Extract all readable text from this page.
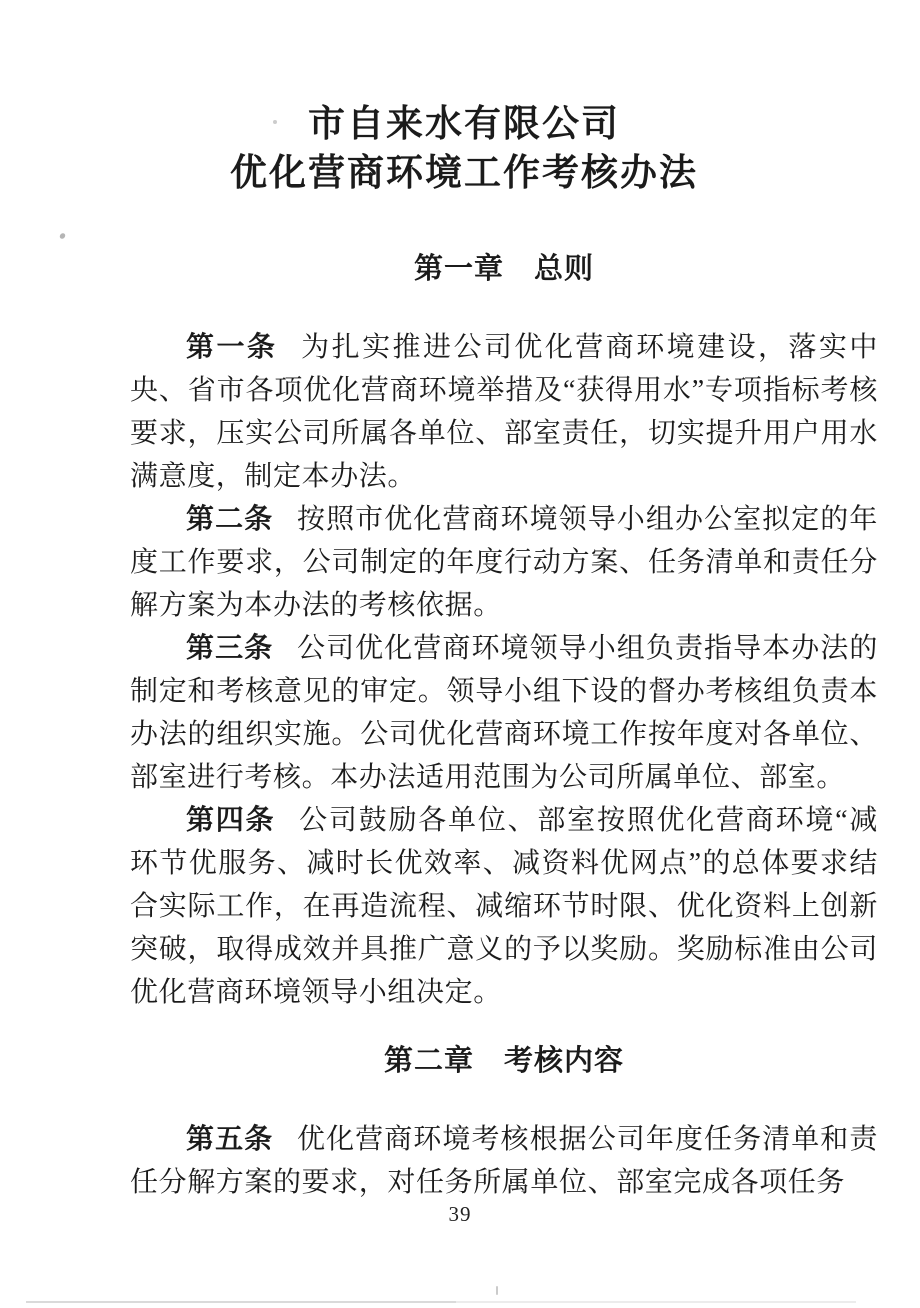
市自来水有限公司
优化营商环境工作考核办法
第一章　总则

第一条 为扎实推进公司优化营商环境建设，落实中央、省市各项优化营商环境举措及“获得用水”专项指标考核要求，压实公司所属各单位、部室责任，切实提升用户用水满意度，制定本办法。

第二条 按照市优化营商环境领导小组办公室拟定的年度工作要求，公司制定的年度行动方案、任务清单和责任分解方案为本办法的考核依据。

第三条 公司优化营商环境领导小组负责指导本办法的制定和考核意见的审定。领导小组下设的督办考核组负责本办法的组织实施。公司优化营商环境工作按年度对各单位、部室进行考核。本办法适用范围为公司所属单位、部室。

第四条 公司鼓励各单位、部室按照优化营商环境“减环节优服务、减时长优效率、减资料优网点”的总体要求结合实际工作，在再造流程、减缩环节时限、优化资料上创新突破，取得成效并具推广意义的予以奖励。奖励标准由公司优化营商环境领导小组决定。

第二章　考核内容

第五条 优化营商环境考核根据公司年度任务清单和责任分解方案的要求，对任务所属单位、部室完成各项任务

39
